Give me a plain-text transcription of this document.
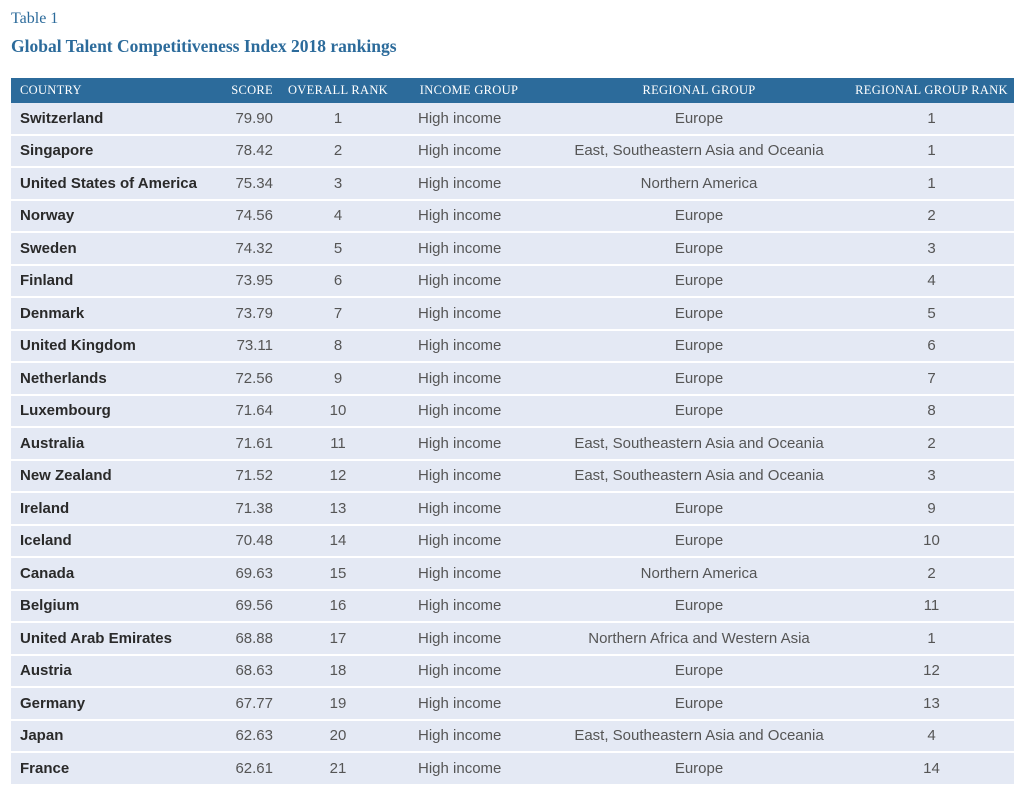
Table 1
Global Talent Competitiveness Index 2018 rankings
COUNTRY	SCORE	OVERALL RANK	INCOME GROUP	REGIONAL GROUP	REGIONAL GROUP RANK
Switzerland	79.90	1	High income	Europe	1
Singapore	78.42	2	High income	East, Southeastern Asia and Oceania	1
United States of America	75.34	3	High income	Northern America	1
Norway	74.56	4	High income	Europe	2
Sweden	74.32	5	High income	Europe	3
Finland	73.95	6	High income	Europe	4
Denmark	73.79	7	High income	Europe	5
United Kingdom	73.11	8	High income	Europe	6
Netherlands	72.56	9	High income	Europe	7
Luxembourg	71.64	10	High income	Europe	8
Australia	71.61	11	High income	East, Southeastern Asia and Oceania	2
New Zealand	71.52	12	High income	East, Southeastern Asia and Oceania	3
Ireland	71.38	13	High income	Europe	9
Iceland	70.48	14	High income	Europe	10
Canada	69.63	15	High income	Northern America	2
Belgium	69.56	16	High income	Europe	11
United Arab Emirates	68.88	17	High income	Northern Africa and Western Asia	1
Austria	68.63	18	High income	Europe	12
Germany	67.77	19	High income	Europe	13
Japan	62.63	20	High income	East, Southeastern Asia and Oceania	4
France	62.61	21	High income	Europe	14
